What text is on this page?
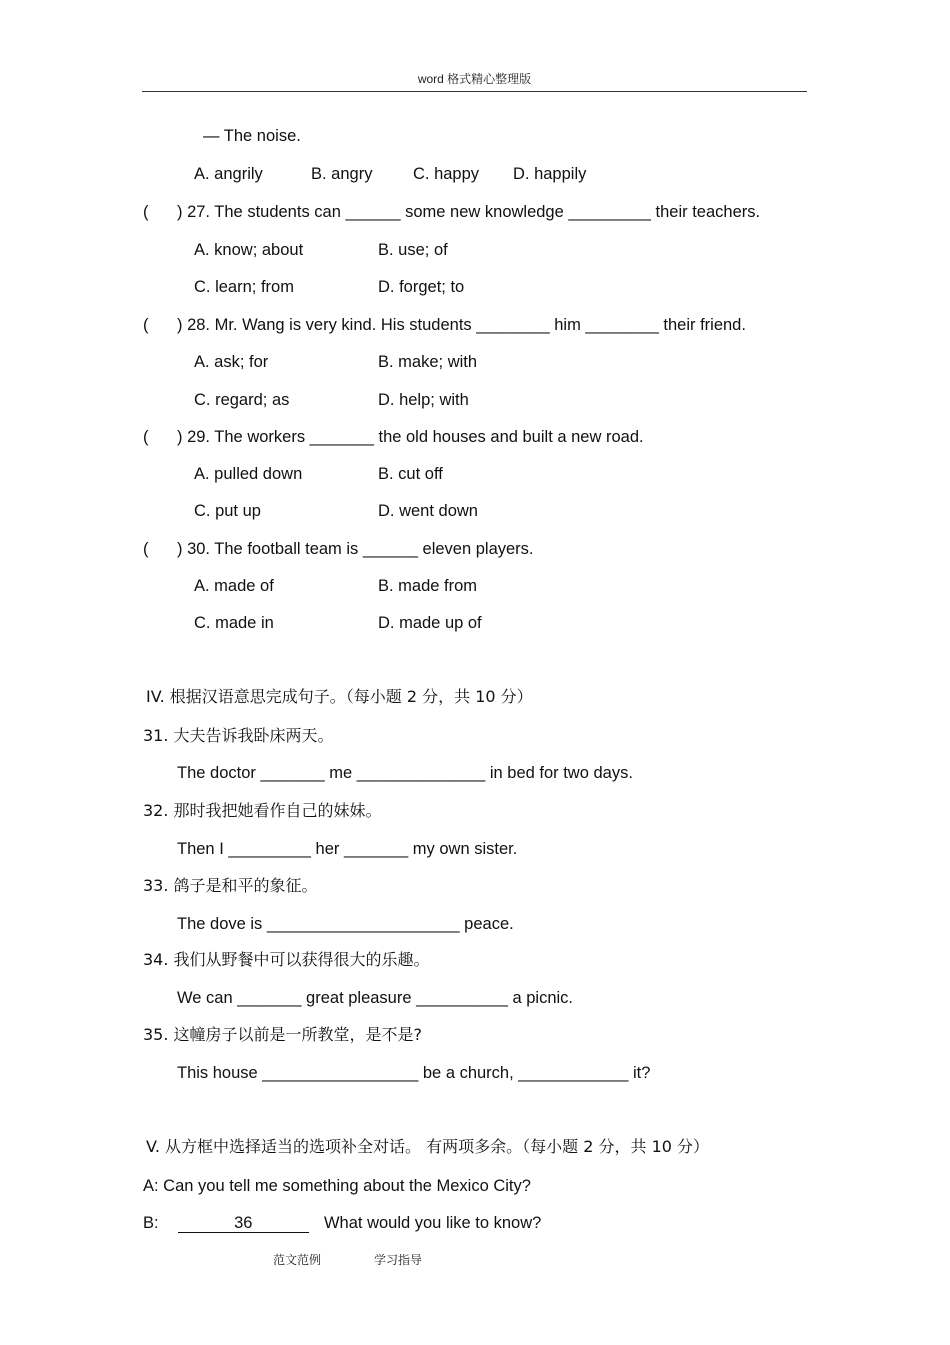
word 格式精心整理版
— The noise.
A. angrily	B. angry C. happy D. happily
( ) 27. The students can ______ some new knowledge _________ their teachers.
A. know; about	B. use; of
C. learn; from	D. forget; to
( ) 28. Mr. Wang is very kind. His students ________ him ________ their friend.
A. ask; for	B. make; with
C. regard; as	D. help; with
( ) 29. The workers _______ the old houses and built a new road.
A. pulled down	B. cut off
C. put up	D. went down
( ) 30. The football team is ______ eleven players.
A. made of	B. made from
C. made in	D. made up of
ⅠV. 根据汉语意思完成句子。（每小题 2 分，共 10 分）
31. 大夫告诉我卧床两天。
The doctor _______ me ______________ in bed for two days.
32. 那时我把她看作自己的妹妹。
Then I _________ her _______ my own sister.
33. 鸽子是和平的象征。
The dove is _____________________ peace.
34. 我们从野餐中可以获得很大的乐趣。
We can _______ great pleasure __________ a picnic.
35. 这幢房子以前是一所教堂，是不是?
This house _________________ be a church, ____________ it?
V. 从方框中选择适当的选项补全对话。 有两项多余。（每小题 2 分，共 10 分）
A: Can you tell me something about the Mexico City?
B:	36	What would you like to know?
范文范例	学习指导
